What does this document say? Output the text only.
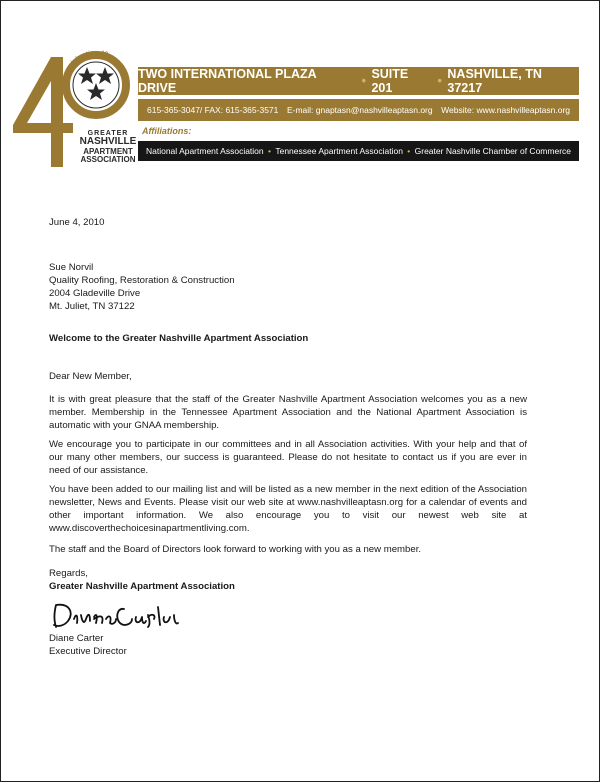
celebrating 40 years
GREATER
NASHVILLE
APARTMENT
ASSOCIATION
TWO INTERNATIONAL PLAZA DRIVE	• SUITE 201	• NASHVILLE, TN 37217
615-365-3047/ FAX: 615-365-3571 E-mail: gnaptasn@nashvilleaptasn.org Website: www.nashvilleaptasn.org
Affiliations:
National Apartment Association • Tennessee Apartment Association • Greater Nashville Chamber of Commerce
June 4, 2010
Sue Norvil
Quality Roofing, Restoration & Construction
2004 Gladeville Drive
Mt. Juliet, TN 37122
Welcome to the Greater Nashville Apartment Association
Dear New Member,
It is with great pleasure that the staff of the Greater Nashville Apartment Association welcomes you as a new member. Membership in the Tennessee Apartment Association and the National Apartment Association is automatic with your GNAA membership.
We encourage you to participate in our committees and in all Association activities. With your help and that of our many other members, our success is guaranteed. Please do not hesitate to contact us if you are ever in need of our assistance.
You have been added to our mailing list and will be listed as a new member in the next edition of the Association newsletter, News and Events. Please visit our web site at www.nashvilleaptasn.org for a calendar of events and other important information. We also encourage you to visit our newest web site at www.discoverthechoicesinapartmentliving.com.
The staff and the Board of Directors look forward to working with you as a new member.
Regards,
Greater Nashville Apartment Association
Diane Carter
Executive Director
